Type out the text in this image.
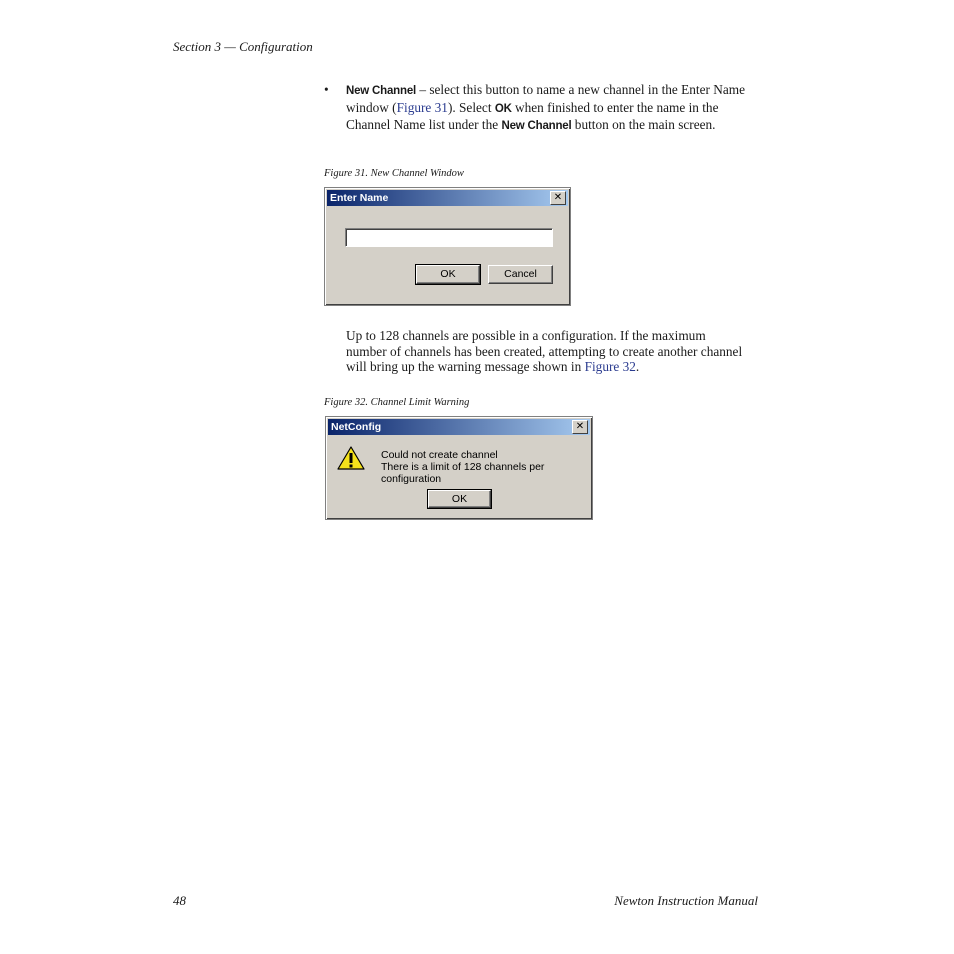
Section 3 — Configuration
• New Channel – select this button to name a new channel in the Enter Name window (Figure 31). Select OK when finished to enter the name in the Channel Name list under the New Channel button on the main screen.
Figure 31. New Channel Window
Enter Name	✕
OK	Cancel
Up to 128 channels are possible in a configuration. If the maximum number of channels has been created, attempting to create another channel will bring up the warning message shown in Figure 32.
Figure 32. Channel Limit Warning
NetConfig	✕
Could not create channel
There is a limit of 128 channels per configuration
OK
48	Newton Instruction Manual
